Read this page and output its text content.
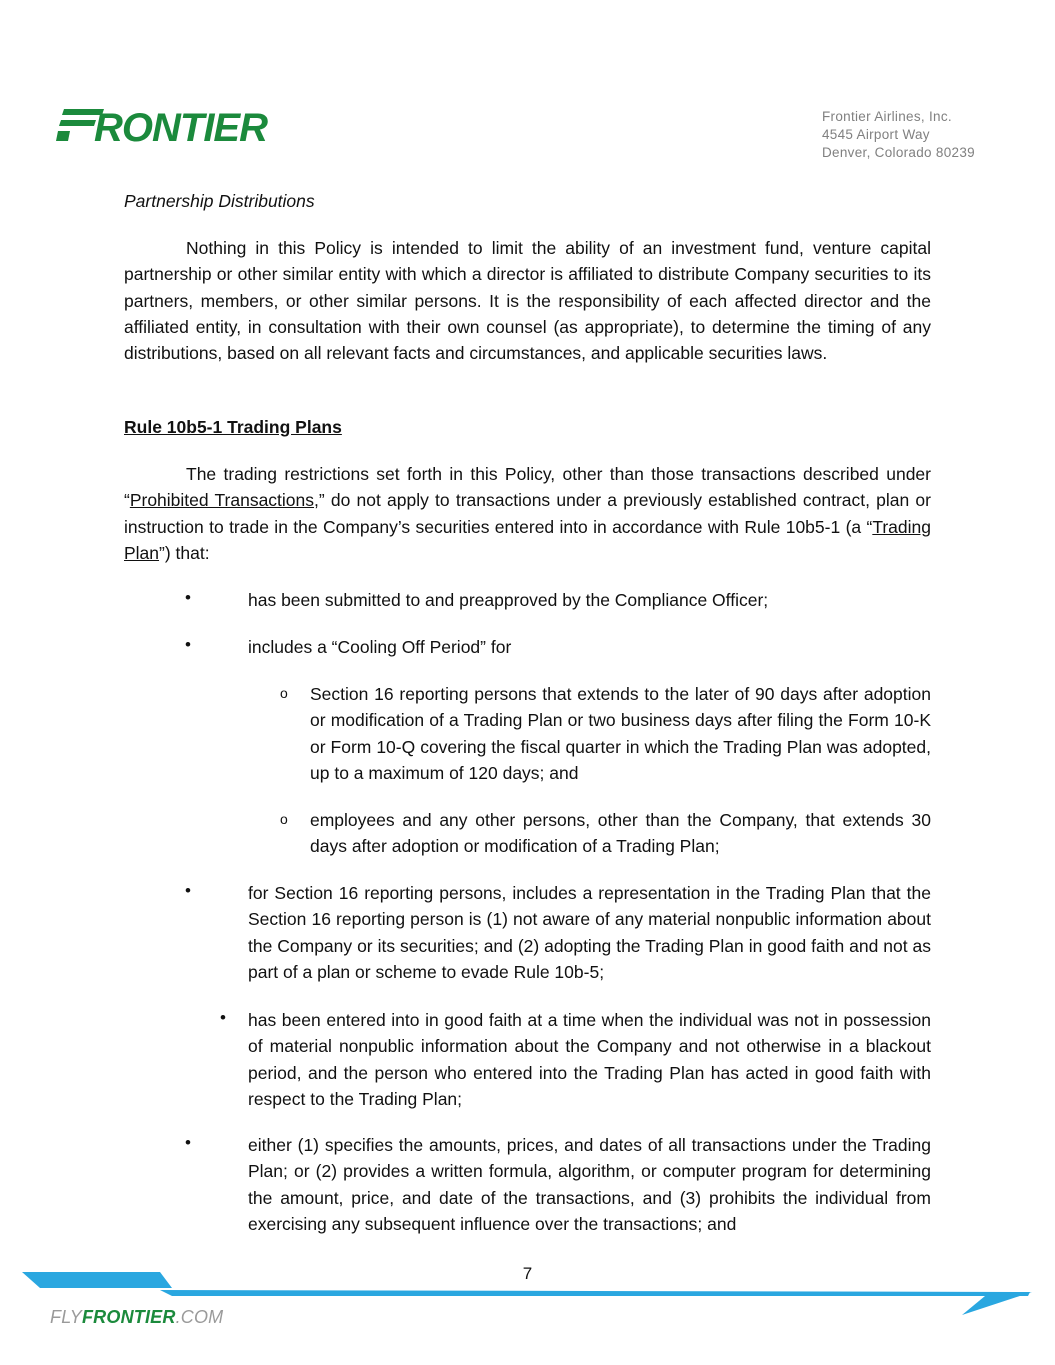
RONTIER	Frontier Airlines, Inc.
4545 Airport Way
Denver, Colorado 80239
Partnership Distributions
Nothing in this Policy is intended to limit the ability of an investment fund, venture capital partnership or other similar entity with which a director is affiliated to distribute Company securities to its partners, members, or other similar persons. It is the responsibility of each affected director and the affiliated entity, in consultation with their own counsel (as appropriate), to determine the timing of any distributions, based on all relevant facts and circumstances, and applicable securities laws.
Rule 10b5-1 Trading Plans
The trading restrictions set forth in this Policy, other than those transactions described under “Prohibited Transactions,” do not apply to transactions under a previously established contract, plan or instruction to trade in the Company’s securities entered into in accordance with Rule 10b5-1 (a “Trading Plan”) that:
•	has been submitted to and preapproved by the Compliance Officer;
•	includes a “Cooling Off Period” for
o Section 16 reporting persons that extends to the later of 90 days after adoption or modification of a Trading Plan or two business days after filing the Form 10-K or Form 10-Q covering the fiscal quarter in which the Trading Plan was adopted, up to a maximum of 120 days; and
o employees and any other persons, other than the Company, that extends 30 days after adoption or modification of a Trading Plan;
•	for Section 16 reporting persons, includes a representation in the Trading Plan that the Section 16 reporting person is (1) not aware of any material nonpublic information about the Company or its securities; and (2) adopting the Trading Plan in good faith and not as part of a plan or scheme to evade Rule 10b-5;
• has been entered into in good faith at a time when the individual was not in possession of material nonpublic information about the Company and not otherwise in a blackout period, and the person who entered into the Trading Plan has acted in good faith with respect to the Trading Plan;
•	either (1) specifies the amounts, prices, and dates of all transactions under the Trading Plan; or (2) provides a written formula, algorithm, or computer program for determining the amount, price, and date of the transactions, and (3) prohibits the individual from exercising any subsequent influence over the transactions; and
7
FLYFRONTIER.COM
